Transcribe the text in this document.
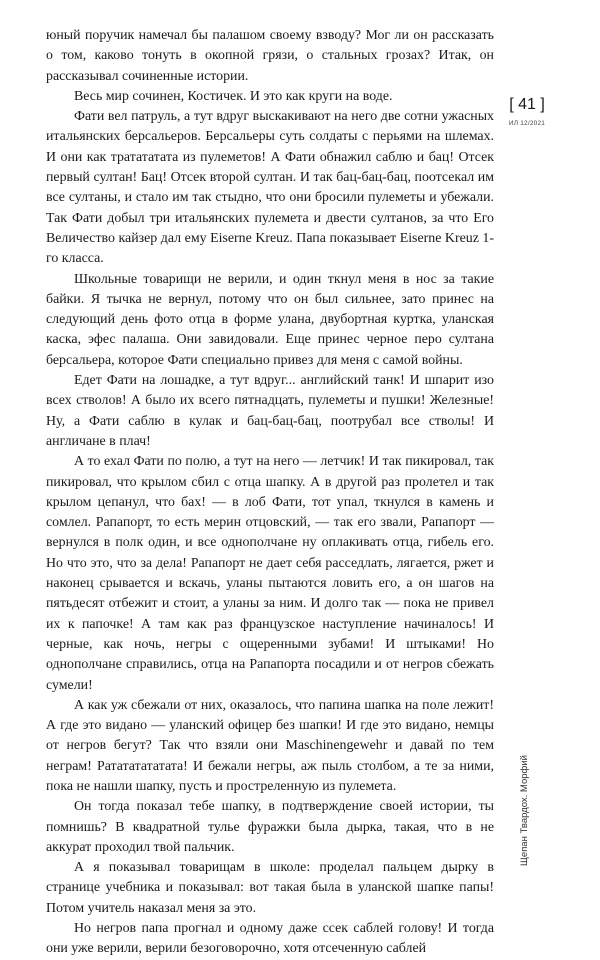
юный поручик намечал бы палашом своему взводу? Мог ли он рассказать о том, каково тонуть в окопной грязи, о стальных грозах? Итак, он рассказывал сочиненные истории.

Весь мир сочинен, Костичек. И это как круги на воде.

Фати вел патруль, а тут вдруг выскакивают на него две сотни ужасных итальянских берсальеров. Берсальеры суть солдаты с перьями на шлемах. И они как тратататата из пулеметов! А Фати обнажил саблю и бац! Отсек первый султан! Бац! Отсек второй султан. И так бац-бац-бац, поотсекал им все султаны, и стало им так стыдно, что они бросили пулеметы и убежали. Так Фати добыл три итальянских пулемета и двести султанов, за что Его Величество кайзер дал ему Eiserne Kreuz. Папа показывает Eiserne Kreuz 1-го класса.

Школьные товарищи не верили, и один ткнул меня в нос за такие байки. Я тычка не вернул, потому что он был сильнее, зато принес на следующий день фото отца в форме улана, двубортная куртка, уланская каска, эфес палаша. Они завидовали. Еще принес черное перо султана берсальера, которое Фати специально привез для меня с самой войны.

Едет Фати на лошадке, а тут вдруг... английский танк! И шпарит изо всех стволов! А было их всего пятнадцать, пулеметы и пушки! Железные! Ну, а Фати саблю в кулак и бац-бац-бац, поотрубал все стволы! И англичане в плач!

А то ехал Фати по полю, а тут на него — летчик! И так пикировал, так пикировал, что крылом сбил с отца шапку. А в другой раз пролетел и так крылом цепанул, что бах! — в лоб Фати, тот упал, ткнулся в камень и сомлел. Рапапорт, то есть мерин отцовский, — так его звали, Рапапорт — вернулся в полк один, и все однополчане ну оплакивать отца, гибель его. Но что это, что за дела! Рапапорт не дает себя расседлать, лягается, ржет и наконец срывается и вскачь, уланы пытаются ловить его, а он шагов на пятьдесят отбежит и стоит, а уланы за ним. И долго так — пока не привел их к папочке! А там как раз французское наступление начиналось! И черные, как ночь, негры с ощеренными зубами! И штыками! Но однополчане справились, отца на Рапапорта посадили и от негров сбежать сумели!

А как уж сбежали от них, оказалось, что папина шапка на поле лежит! А где это видано — уланский офицер без шапки! И где это видано, немцы от негров бегут? Так что взяли они Maschinengewehr и давай по тем неграм! Ратататататата! И бежали негры, аж пыль столбом, а те за ними, пока не нашли шапку, пусть и простреленную из пулемета.

Он тогда показал тебе шапку, в подтверждение своей истории, ты помнишь? В квадратной тулье фуражки была дырка, такая, что в не аккурат проходил твой пальчик.

А я показывал товарищам в школе: проделал пальцем дырку в странице учебника и показывал: вот такая была в уланской шапке папы! Потом учитель наказал меня за это.

Но негров папа прогнал и одному даже ссек саблей голову! И тогда они уже верили, верили безоговорочно, хотя отсеченную саблей

[ 41 ]
ИЛ 12/2021
Щепан Твардох. Морфий
